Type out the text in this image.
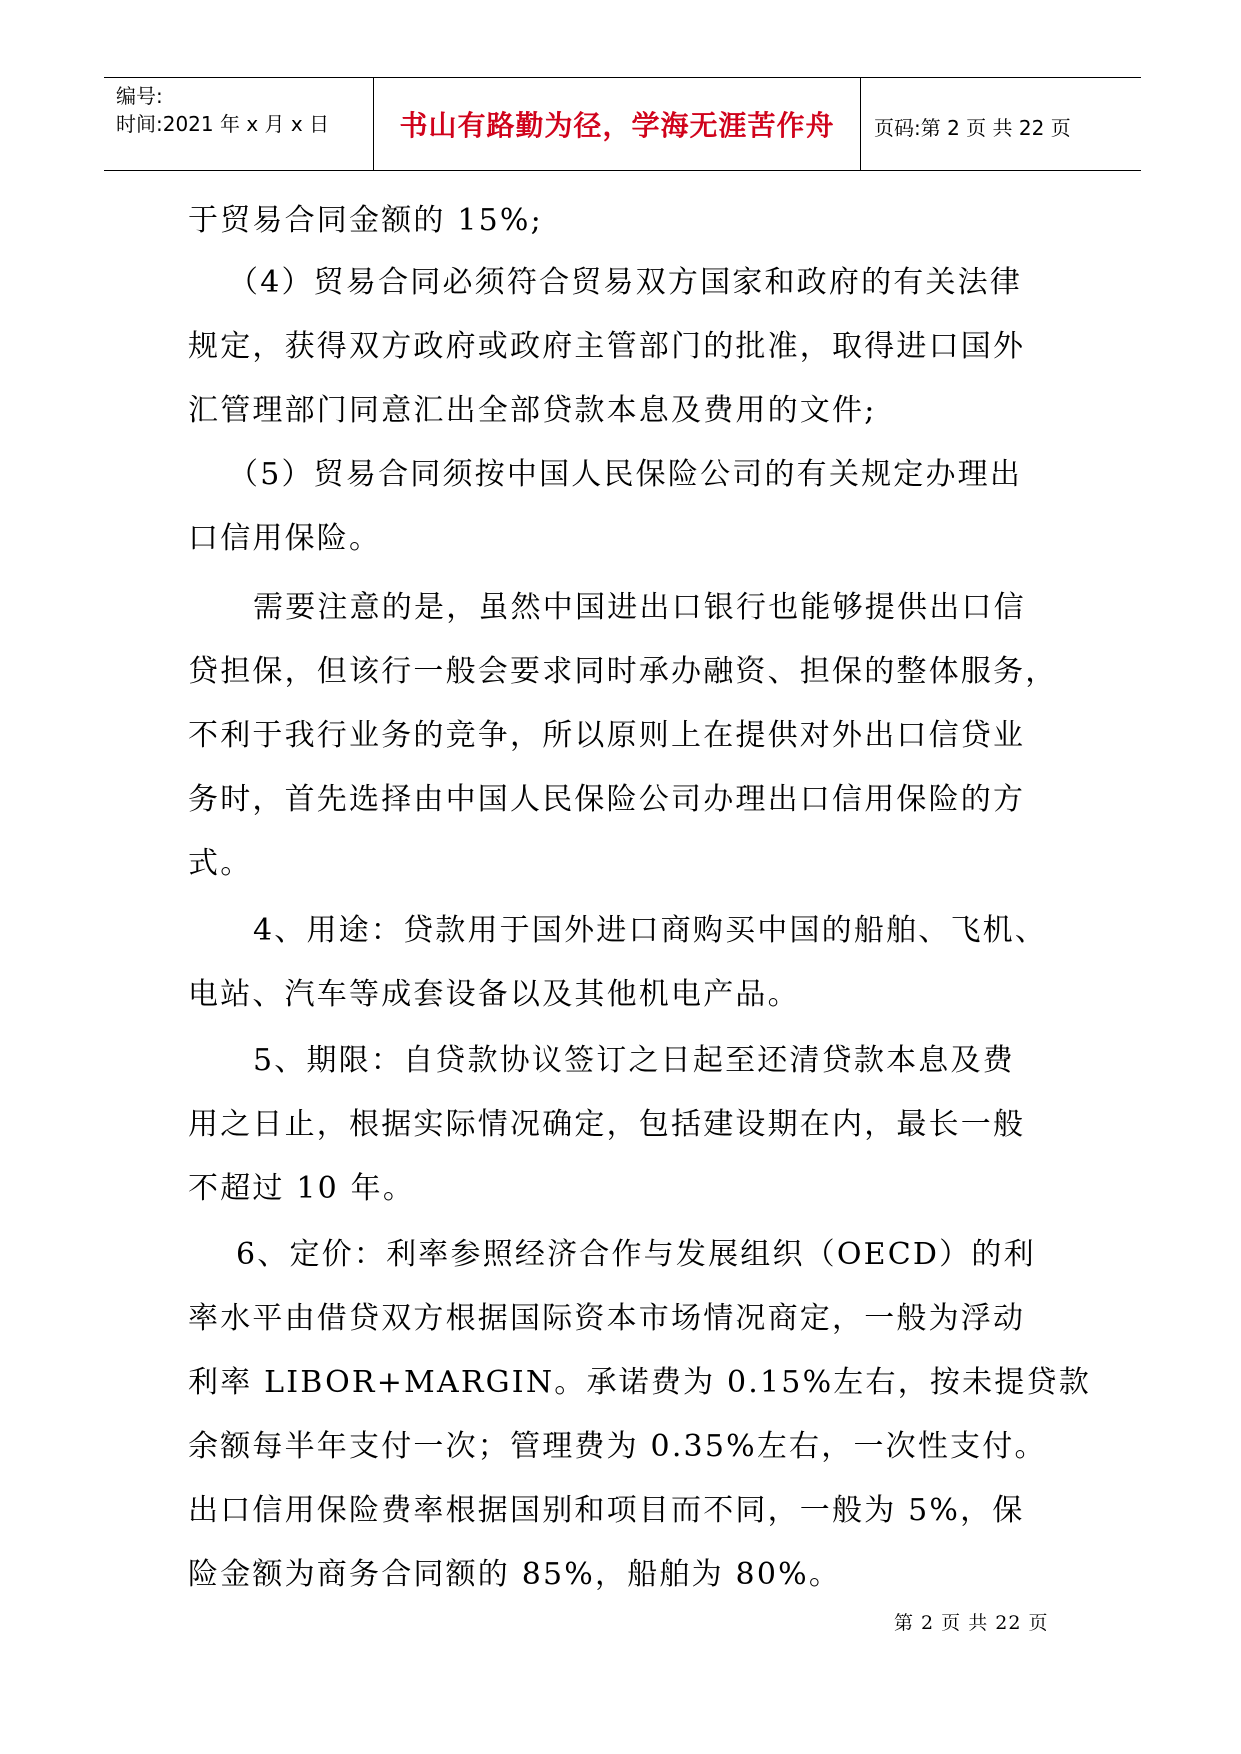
编号:
时间:2021 年 x 月 x 日	书山有路勤为径，学海无涯苦作舟	页码:第 2 页 共 22 页
于贸易合同金额的 15%;
（4）贸易合同必须符合贸易双方国家和政府的有关法律
规定，获得双方政府或政府主管部门的批准，取得进口国外
汇管理部门同意汇出全部贷款本息及费用的文件;
（5）贸易合同须按中国人民保险公司的有关规定办理出
口信用保险。
需要注意的是，虽然中国进出口银行也能够提供出口信
贷担保，但该行一般会要求同时承办融资、担保的整体服务，
不利于我行业务的竞争，所以原则上在提供对外出口信贷业
务时，首先选择由中国人民保险公司办理出口信用保险的方
式。
4、用途：贷款用于国外进口商购买中国的船舶、飞机、
电站、汽车等成套设备以及其他机电产品。
5、期限：自贷款协议签订之日起至还清贷款本息及费
用之日止，根据实际情况确定，包括建设期在内，最长一般
不超过 10 年。
6、定价：利率参照经济合作与发展组织（OECD）的利
率水平由借贷双方根据国际资本市场情况商定，一般为浮动
利率 LIBOR+MARGIN。承诺费为 0.15%左右，按未提贷款
余额每半年支付一次；管理费为 0.35%左右，一次性支付。
出口信用保险费率根据国别和项目而不同，一般为 5%，保
险金额为商务合同额的 85%，船舶为 80%。
第 2 页 共 22 页
